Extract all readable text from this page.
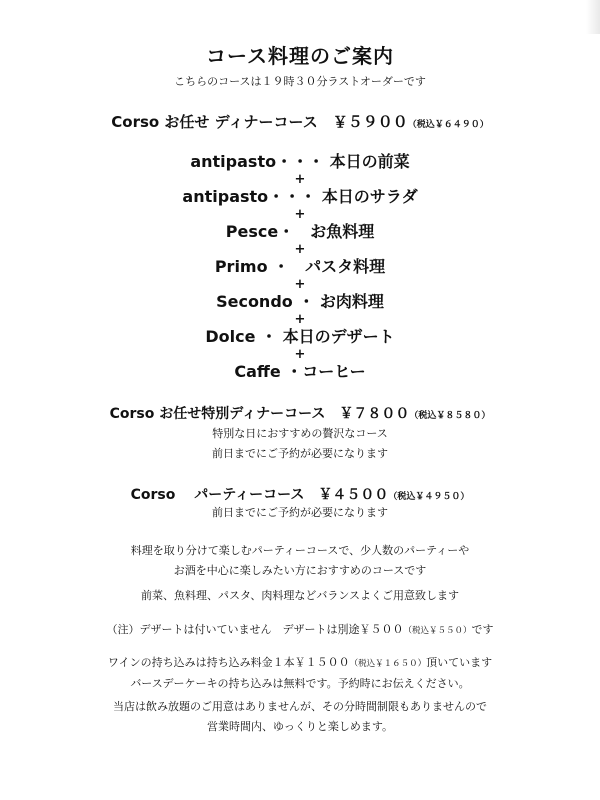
コース料理のご案内
こちらのコースは１９時３０分ラストオーダーです
Corso お任せ ディナーコース　￥５９００（税込￥６４９０）
antipasto・・・ 本日の前菜
+
antipasto・・・ 本日のサラダ
+
Pesce・　お魚料理
+
Primo ・　パスタ料理
+
Secondo ・ お肉料理
+
Dolce ・ 本日のデザート
+
Caffe ・コーヒー
Corso お任せ特別ディナーコース　￥７８００（税込￥８５８０）
特別な日におすすめの贅沢なコース
前日までにご予約が必要になります
Corso　 パーティーコース　￥４５００（税込￥４９５０）
前日までにご予約が必要になります
料理を取り分けて楽しむパーティーコースで、少人数のパーティーや
お酒を中心に楽しみたい方におすすめのコースです
前菜、魚料理、パスタ、肉料理などバランスよくご用意致します
（注）デザートは付いていません　デザートは別途￥５００（税込￥５５０）です
ワインの持ち込みは持ち込み料金１本￥１５００（税込￥１６５０）頂いています
バースデーケーキの持ち込みは無料です。予約時にお伝えください。
当店は飲み放題のご用意はありませんが、その分時間制限もありませんので
営業時間内、ゆっくりと楽しめます。
